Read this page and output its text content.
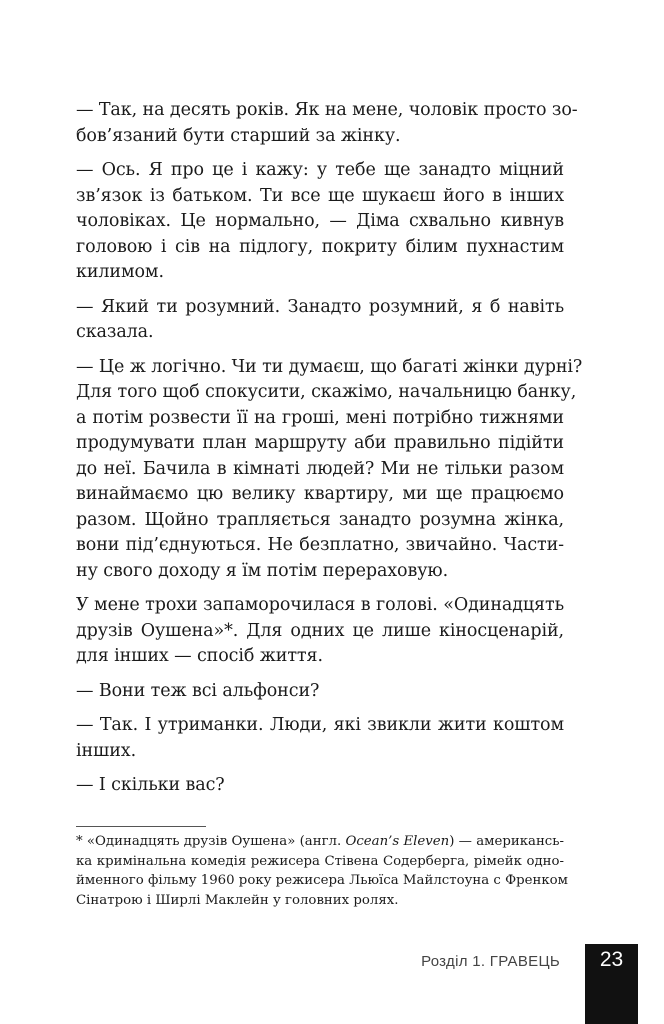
— Так, на десять років. Як на мене, чоловік просто зо-
бов’язаний бути старший за жінку.
— Ось. Я про це і кажу: у тебе ще занадто міцний
зв’язок із батьком. Ти все ще шукаєш його в інших
чоловіках. Це нормально, — Діма схвально кивнув
головою і сів на підлогу, покриту білим пухнастим
килимом.
— Який ти розумний. Занадто розумний, я б навіть
сказала.
— Це ж логічно. Чи ти думаєш, що багаті жінки дурні?
Для того щоб спокусити, скажімо, начальницю банку,
а потім розвести її на гроші, мені потрібно тижнями
продумувати план маршруту аби правильно підійти
до неї. Бачила в кімнаті людей? Ми не тільки разом
винаймаємо цю велику квартиру, ми ще працюємо
разом. Щойно трапляється занадто розумна жінка,
вони під’єднуються. Не безплатно, звичайно. Части-
ну свого доходу я їм потім перераховую.
У мене трохи запаморочилася в голові. «Одинадцять
друзів Оушена»*. Для одних це лише кіносценарій,
для інших — спосіб життя.
— Вони теж всі альфонси?
— Так. І утриманки. Люди, які звикли жити коштом
інших.
— І скільки вас?
* «Одинадцять друзів Оушена» (англ. Ocean’s Eleven) — американсь-
ка кримінальна комедія режисера Стівена Содерберга, рімейк одно-
йменного фільму 1960 року режисера Льюїса Майлстоуна с Френком
Сінатрою і Ширлі Маклейн у головних ролях.
Розділ 1. ГРАВЕЦЬ	23
